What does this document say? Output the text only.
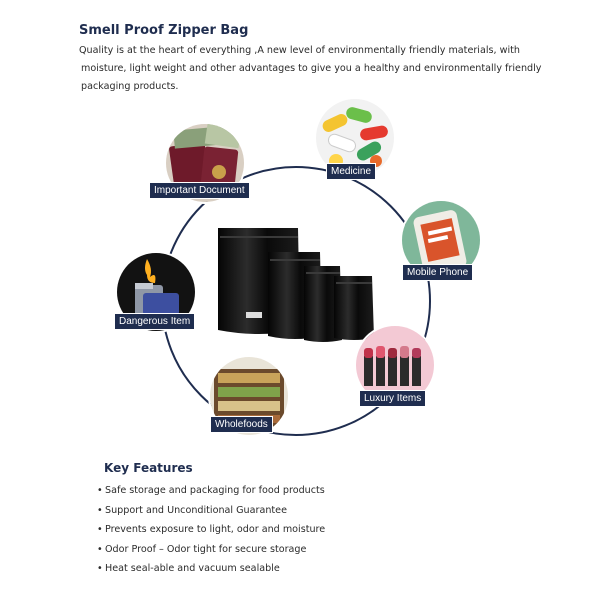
Smell Proof Zipper Bag

Quality is at the heart of everything ,A new level of environmentally friendly materials, with
moisture, light weight and other advantages to give you a healthy and environmentally friendly
packaging products.

Important Document
Medicine
Mobile Phone
Dangerous Item
Luxury Items
Wholefoods
Key Features
• Safe storage and packaging for food products
• Support and Unconditional Guarantee
• Prevents exposure to light, odor and moisture
• Odor Proof – Odor tight for secure storage
• Heat seal-able and vacuum sealable
